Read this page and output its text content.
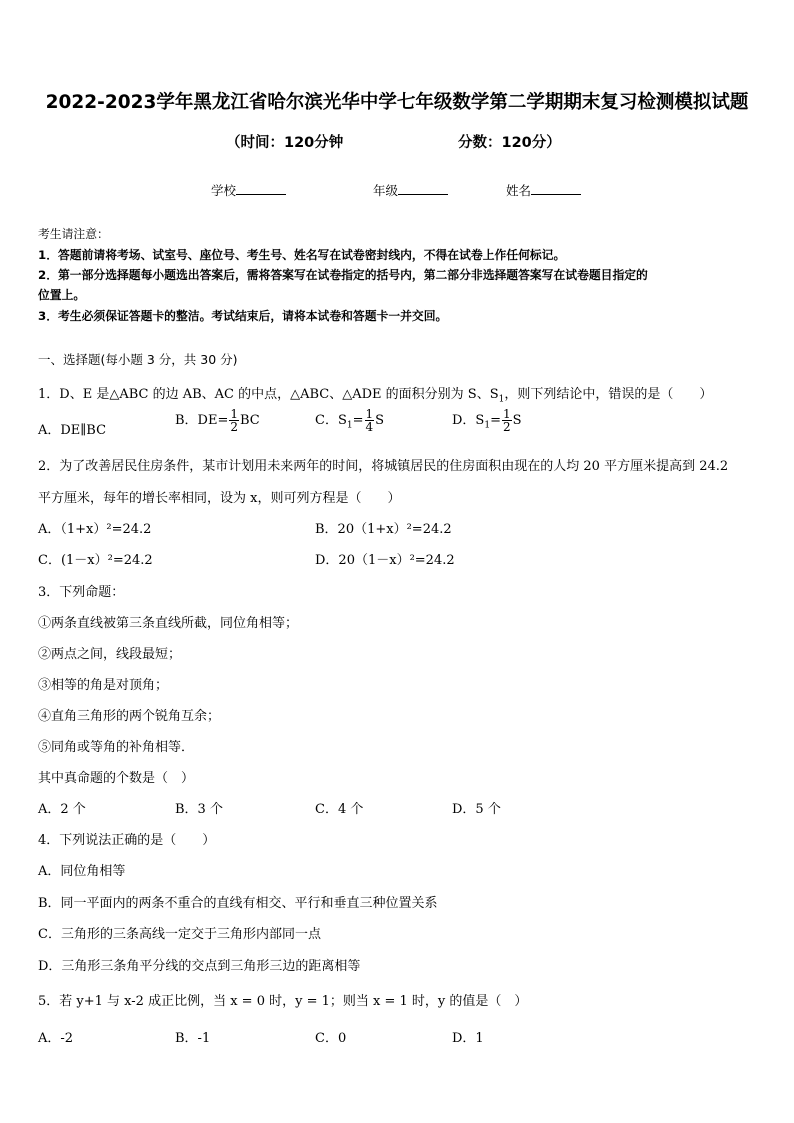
2022-2023学年黑龙江省哈尔滨光华中学七年级数学第二学期期末复习检测模拟试题
（时间：120分钟	分数：120分）
学校	年级	姓名
考生请注意：
1．答题前请将考场、试室号、座位号、考生号、姓名写在试卷密封线内，不得在试卷上作任何标记。
2．第一部分选择题每小题选出答案后，需将答案写在试卷指定的括号内，第二部分非选择题答案写在试卷题目指定的
位置上。
3．考生必须保证答题卡的整洁。考试结束后，请将本试卷和答题卡一并交回。
一、选择题(每小题 3 分，共 30 分)
1．D、E 是△ABC 的边 AB、AC 的中点，△ABC、△ADE 的面积分别为 S、$S_1$，则下列结论中，错误的是（　　）
A．DE∥BC
B．$DE= \frac{1}{2}$ BC	C．$S_1= \frac{1}{4}$ S	D．$S_1= \frac{1}{2}$ S
2．为了改善居民住房条件，某市计划用未来两年的时间，将城镇居民的住房面积由现在的人均 20 平方厘米提高到 24.2
平方厘米，每年的增长率相同，设为 x，则可列方程是（　　）
A．（1+x）²=24.2	B．20（1+x）²=24.2
C．(1－x）²=24.2	D．20（1－x）²=24.2
3．下列命题：
①两条直线被第三条直线所截，同位角相等；
②两点之间，线段最短；
③相等的角是对顶角；
④直角三角形的两个锐角互余；
⑤同角或等角的补角相等．
其中真命题的个数是（　）
A．2 个	B．3 个	C．4 个	D．5 个
4．下列说法正确的是（　　）
A．同位角相等
B．同一平面内的两条不重合的直线有相交、平行和垂直三种位置关系
C．三角形的三条高线一定交于三角形内部同一点
D．三角形三条角平分线的交点到三角形三边的距离相等
5．若 y+1 与 x-2 成正比例，当 x = 0 时，y = 1；则当 x = 1 时，y 的值是（　）
A．-2	B．-1	C．0	D．1
